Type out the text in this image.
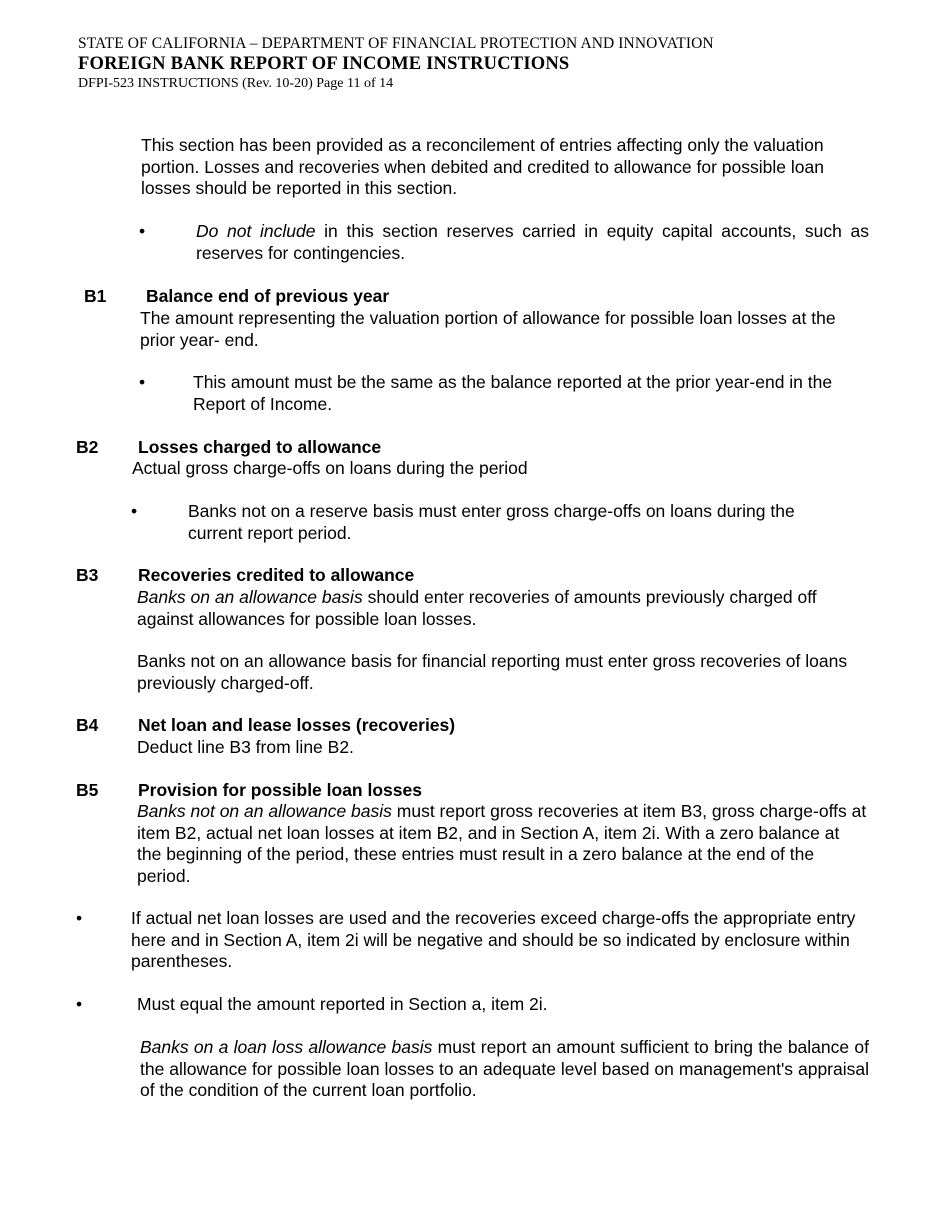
STATE OF CALIFORNIA – DEPARTMENT OF FINANCIAL PROTECTION AND INNOVATION
FOREIGN BANK REPORT OF INCOME INSTRUCTIONS
DFPI-523 INSTRUCTIONS (Rev. 10-20) Page 11 of 14
This section has been provided as a reconcilement of entries affecting only the valuation portion. Losses and recoveries when debited and credited to allowance for possible loan losses should be reported in this section.
•	Do not include in this section reserves carried in equity capital accounts, such as reserves for contingencies.
B1 Balance end of previous year
The amount representing the valuation portion of allowance for possible loan losses at the prior year- end.
•	This amount must be the same as the balance reported at the prior year-end in the Report of Income.
B2 Losses charged to allowance
Actual gross charge-offs on loans during the period
•	Banks not on a reserve basis must enter gross charge-offs on loans during the current report period.
B3 Recoveries credited to allowance
Banks on an allowance basis should enter recoveries of amounts previously charged off against allowances for possible loan losses.
Banks not on an allowance basis for financial reporting must enter gross recoveries of loans previously charged-off.
B4 Net loan and lease losses (recoveries)
Deduct line B3 from line B2.
B5 Provision for possible loan losses
Banks not on an allowance basis must report gross recoveries at item B3, gross charge-offs at item B2, actual net loan losses at item B2, and in Section A, item 2i. With a zero balance at the beginning of the period, these entries must result in a zero balance at the end of the period.
•	If actual net loan losses are used and the recoveries exceed charge-offs the appropriate entry here and in Section A, item 2i will be negative and should be so indicated by enclosure within parentheses.
•	Must equal the amount reported in Section a, item 2i.
Banks on a loan loss allowance basis must report an amount sufficient to bring the balance of the allowance for possible loan losses to an adequate level based on management's appraisal of the condition of the current loan portfolio.
